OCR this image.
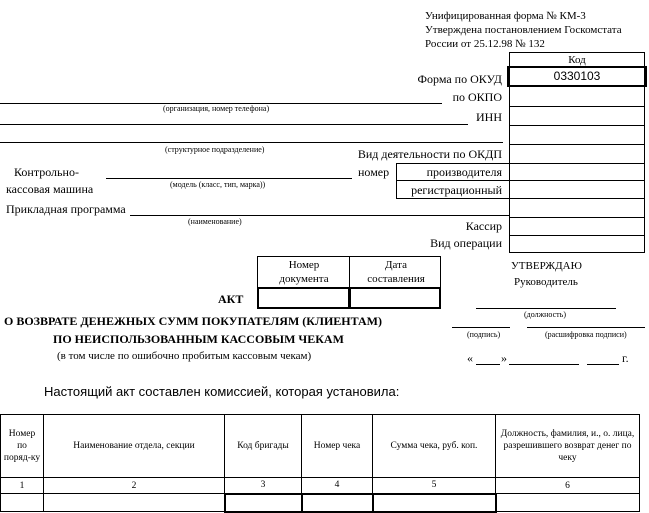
Унифицированная форма № КМ-3
Утверждена постановлением Госкомстата
России от 25.12.98 № 132
Код
0330103
Форма по ОКУД
по ОКПО
ИНН
Вид деятельности по ОКДП
номер	производителя
регистрационный
Кассир
Вид операции
(организация, номер телефона)
(структурное подразделение)
Контрольно-
кассовая машина	(модель (класс, тип, марка))
Прикладная программа
(наименование)
Номер документа
Дата составления
АКТ
УТВЕРЖДАЮ
Руководитель
(должность)
(подпись)	(расшифровка подписи)
« »	г.
О ВОЗВРАТЕ ДЕНЕЖНЫХ СУММ ПОКУПАТЕЛЯМ (КЛИЕНТАМ)
ПО НЕИСПОЛЬЗОВАННЫМ КАССОВЫМ ЧЕКАМ
(в том числе по ошибочно пробитым кассовым чекам)
Настоящий акт составлен комиссией, которая установила:
Номер по поряд-ку	Наименование отдела, секции	Код бригады	Номер чека	Сумма чека, руб. коп.	Должность, фамилия, и., о. лица, разрешившего возврат денег по чеку
1	2	3	4	5	6
